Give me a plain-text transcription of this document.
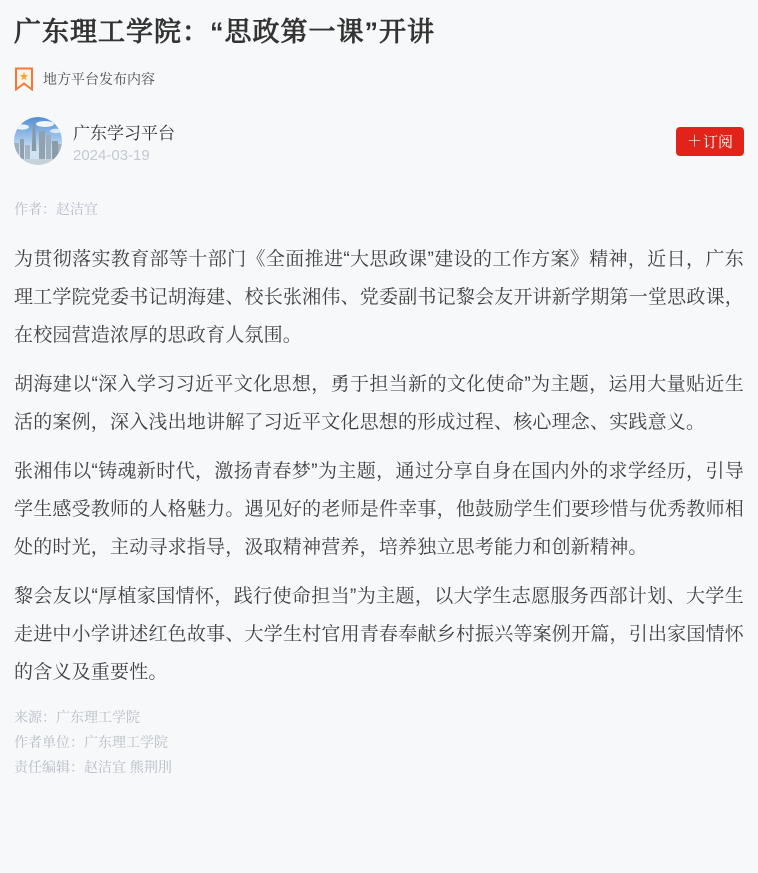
广东理工学院：“思政第一课”开讲
地方平台发布内容
广东学习平台
2024-03-19
＋ 订阅
作者：赵洁宜

为贯彻落实教育部等十部门《全面推进“大思政课”建设的工作方案》精神，近日，广东理工学院党委书记胡海建、校长张湘伟、党委副书记黎会友开讲新学期第一堂思政课，在校园营造浓厚的思政育人氛围。

胡海建以“深入学习习近平文化思想，勇于担当新的文化使命”为主题，运用大量贴近生活的案例，深入浅出地讲解了习近平文化思想的形成过程、核心理念、实践意义。

张湘伟以“铸魂新时代，激扬青春梦”为主题，通过分享自身在国内外的求学经历，引导学生感受教师的人格魅力。遇见好的老师是件幸事，他鼓励学生们要珍惜与优秀教师相处的时光，主动寻求指导，汲取精神营养，培养独立思考能力和创新精神。

黎会友以“厚植家国情怀，践行使命担当”为主题，以大学生志愿服务西部计划、大学生走进中小学讲述红色故事、大学生村官用青春奉献乡村振兴等案例开篇，引出家国情怀的含义及重要性。

来源：广东理工学院
作者单位：广东理工学院
责任编辑：赵洁宜 熊荆刖
